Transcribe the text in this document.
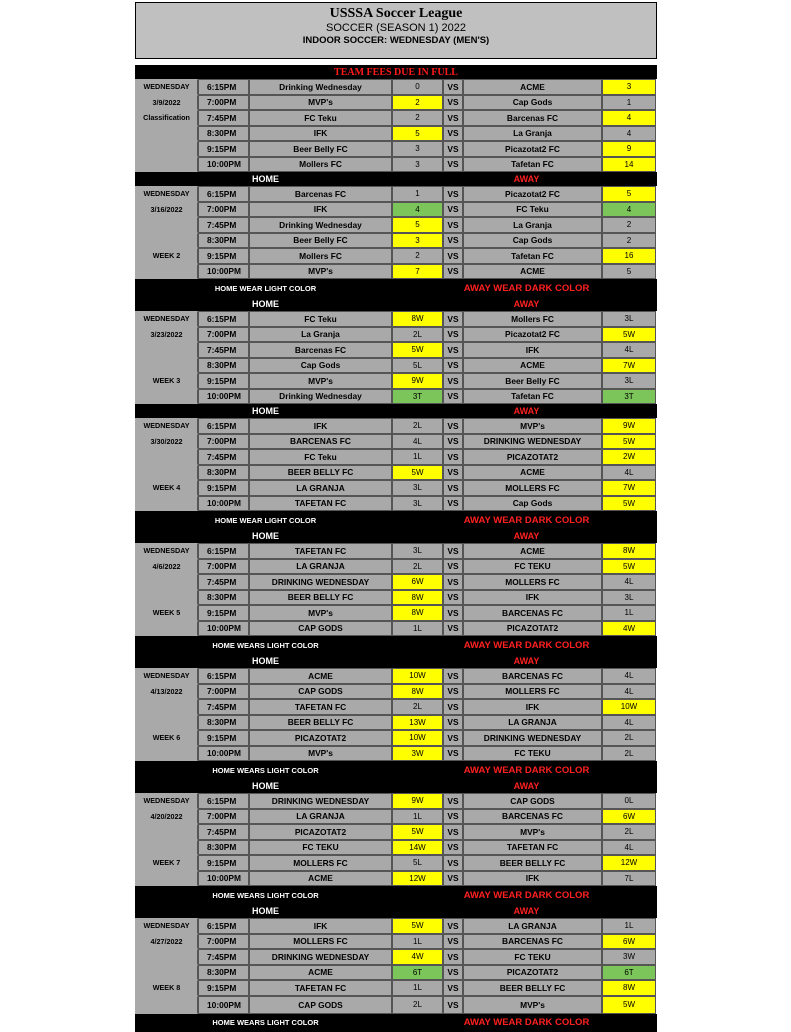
USSSA Soccer League
SOCCER (SEASON 1) 2022
INDOOR SOCCER: WEDNESDAY (MEN'S)
TEAM FEES DUE IN FULL
WEDNESDAY	6:15PM	Drinking Wednesday	0	VS	ACME	3
3/9/2022	7:00PM	MVP's	2	VS	Cap Gods	1
Classification	7:45PM	FC Teku	2	VS	Barcenas FC	4
8:30PM	IFK	5	VS	La Granja	4
9:15PM	Beer Belly FC	3	VS	Picazotat2 FC	9
10:00PM	Mollers FC	3	VS	Tafetan FC	14
HOME	AWAY
WEDNESDAY	6:15PM	Barcenas FC	1	VS	Picazotat2 FC	5
3/16/2022	7:00PM	IFK	4	VS	FC Teku	4
7:45PM	Drinking Wednesday	5	VS	La Granja	2
8:30PM	Beer Belly FC	3	VS	Cap Gods	2
WEEK 2	9:15PM	Mollers FC	2	VS	Tafetan FC	16
10:00PM	MVP's	7	VS	ACME	5
HOME WEAR LIGHT COLOR	AWAY WEAR DARK COLOR
HOME	AWAY
WEDNESDAY	6:15PM	FC Teku	8W	VS	Mollers FC	3L
3/23/2022	7:00PM	La Granja	2L	VS	Picazotat2 FC	5W
7:45PM	Barcenas FC	5W	VS	IFK	4L
8:30PM	Cap Gods	5L	VS	ACME	7W
WEEK 3	9:15PM	MVP's	9W	VS	Beer Belly FC	3L
10:00PM	Drinking Wednesday	3T	VS	Tafetan FC	3T
HOME	AWAY
WEDNESDAY	6:15PM	IFK	2L	VS	MVP's	9W
3/30/2022	7:00PM	BARCENAS FC	4L	VS	DRINKING WEDNESDAY	5W
7:45PM	FC Teku	1L	VS	PICAZOTAT2	2W
8:30PM	BEER BELLY FC	5W	VS	ACME	4L
WEEK 4	9:15PM	LA GRANJA	3L	VS	MOLLERS FC	7W
10:00PM	TAFETAN FC	3L	VS	Cap Gods	5W
HOME WEAR LIGHT COLOR	AWAY WEAR DARK COLOR
HOME	AWAY
WEDNESDAY	6:15PM	TAFETAN FC	3L	VS	ACME	8W
4/6/2022	7:00PM	LA GRANJA	2L	VS	FC TEKU	5W
7:45PM	DRINKING WEDNESDAY	6W	VS	MOLLERS FC	4L
8:30PM	BEER BELLY FC	8W	VS	IFK	3L
WEEK 5	9:15PM	MVP's	8W	VS	BARCENAS FC	1L
10:00PM	CAP GODS	1L	VS	PICAZOTAT2	4W
HOME WEARS LIGHT COLOR	AWAY WEAR DARK COLOR
HOME	AWAY
WEDNESDAY	6:15PM	ACME	10W	VS	BARCENAS FC	4L
4/13/2022	7:00PM	CAP GODS	8W	VS	MOLLERS FC	4L
7:45PM	TAFETAN FC	2L	VS	IFK	10W
8:30PM	BEER BELLY FC	13W	VS	LA GRANJA	4L
WEEK 6	9:15PM	PICAZOTAT2	10W	VS	DRINKING WEDNESDAY	2L
10:00PM	MVP's	3W	VS	FC TEKU	2L
HOME WEARS LIGHT COLOR	AWAY WEAR DARK COLOR
HOME	AWAY
WEDNESDAY	6:15PM	DRINKING WEDNESDAY	9W	VS	CAP GODS	0L
4/20/2022	7:00PM	LA GRANJA	1L	VS	BARCENAS FC	6W
7:45PM	PICAZOTAT2	5W	VS	MVP's	2L
8:30PM	FC TEKU	14W	VS	TAFETAN FC	4L
WEEK 7	9:15PM	MOLLERS FC	5L	VS	BEER BELLY FC	12W
10:00PM	ACME	12W	VS	IFK	7L
HOME WEARS LIGHT COLOR	AWAY WEAR DARK COLOR
HOME	AWAY
WEDNESDAY	6:15PM	IFK	5W	VS	LA GRANJA	1L
4/27/2022	7:00PM	MOLLERS FC	1L	VS	BARCENAS FC	6W
7:45PM	DRINKING WEDNESDAY	4W	VS	FC TEKU	3W
8:30PM	ACME	6T	VS	PICAZOTAT2	6T
WEEK 8	9:15PM	TAFETAN FC	1L	VS	BEER BELLY FC	8W
10:00PM	CAP GODS	2L	VS	MVP's	5W
HOME WEARS LIGHT COLOR	AWAY WEAR DARK COLOR
